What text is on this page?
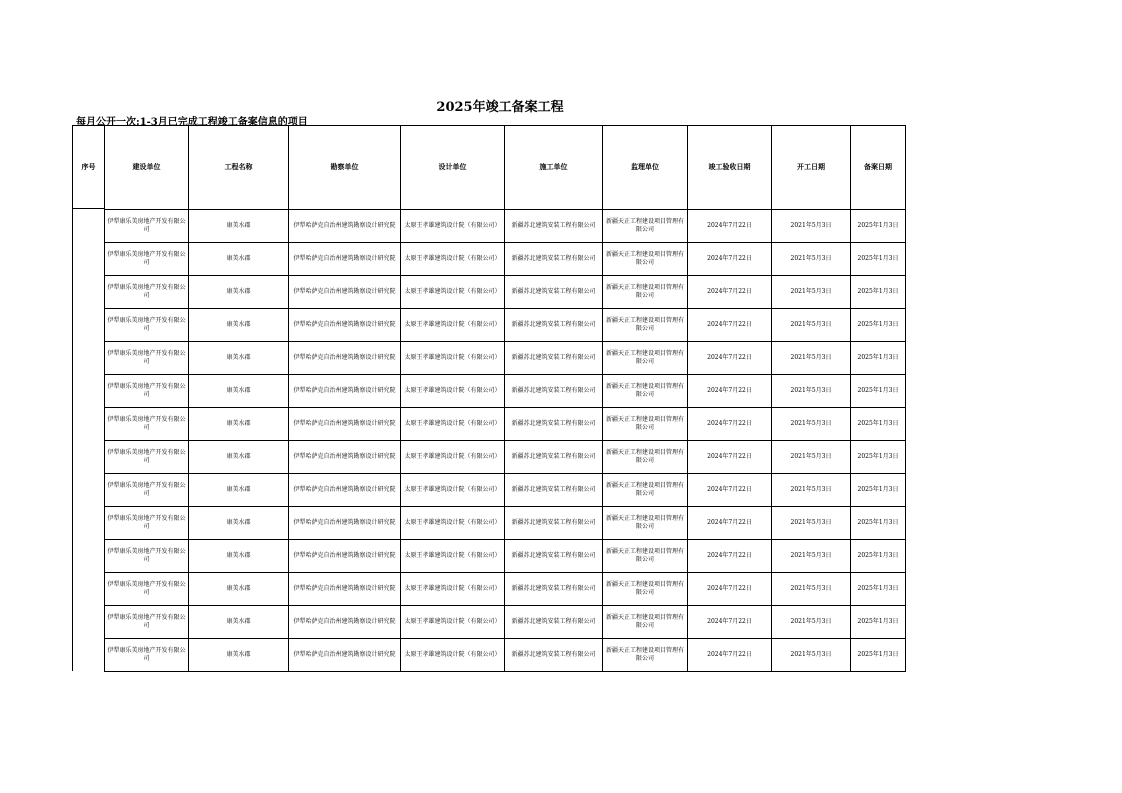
2025年竣工备案工程
每月公开一次:1-3月已完成工程竣工备案信息的项目
序号	建设单位	工程名称	勘察单位	设计单位	施工单位	监理单位	竣工验收日期	开工日期	备案日期

	伊犁康乐美房地产开发有限公司	康美水郡	伊犁哈萨克自治州建筑勘察设计研究院	太原王孝雄建筑设计院（有限公司）	新疆苏北建筑安装工程有限公司	新疆天正工程建设项目管理有限公司	2024年7月22日	2021年5月3日	2025年1月3日
	伊犁康乐美房地产开发有限公司	康美水郡	伊犁哈萨克自治州建筑勘察设计研究院	太原王孝雄建筑设计院（有限公司）	新疆苏北建筑安装工程有限公司	新疆天正工程建设项目管理有限公司	2024年7月22日	2021年5月3日	2025年1月3日
	伊犁康乐美房地产开发有限公司	康美水郡	伊犁哈萨克自治州建筑勘察设计研究院	太原王孝雄建筑设计院（有限公司）	新疆苏北建筑安装工程有限公司	新疆天正工程建设项目管理有限公司	2024年7月22日	2021年5月3日	2025年1月3日
	伊犁康乐美房地产开发有限公司	康美水郡	伊犁哈萨克自治州建筑勘察设计研究院	太原王孝雄建筑设计院（有限公司）	新疆苏北建筑安装工程有限公司	新疆天正工程建设项目管理有限公司	2024年7月22日	2021年5月3日	2025年1月3日
	伊犁康乐美房地产开发有限公司	康美水郡	伊犁哈萨克自治州建筑勘察设计研究院	太原王孝雄建筑设计院（有限公司）	新疆苏北建筑安装工程有限公司	新疆天正工程建设项目管理有限公司	2024年7月22日	2021年5月3日	2025年1月3日
	伊犁康乐美房地产开发有限公司	康美水郡	伊犁哈萨克自治州建筑勘察设计研究院	太原王孝雄建筑设计院（有限公司）	新疆苏北建筑安装工程有限公司	新疆天正工程建设项目管理有限公司	2024年7月22日	2021年5月3日	2025年1月3日
	伊犁康乐美房地产开发有限公司	康美水郡	伊犁哈萨克自治州建筑勘察设计研究院	太原王孝雄建筑设计院（有限公司）	新疆苏北建筑安装工程有限公司	新疆天正工程建设项目管理有限公司	2024年7月22日	2021年5月3日	2025年1月3日
	伊犁康乐美房地产开发有限公司	康美水郡	伊犁哈萨克自治州建筑勘察设计研究院	太原王孝雄建筑设计院（有限公司）	新疆苏北建筑安装工程有限公司	新疆天正工程建设项目管理有限公司	2024年7月22日	2021年5月3日	2025年1月3日
	伊犁康乐美房地产开发有限公司	康美水郡	伊犁哈萨克自治州建筑勘察设计研究院	太原王孝雄建筑设计院（有限公司）	新疆苏北建筑安装工程有限公司	新疆天正工程建设项目管理有限公司	2024年7月22日	2021年5月3日	2025年1月3日
	伊犁康乐美房地产开发有限公司	康美水郡	伊犁哈萨克自治州建筑勘察设计研究院	太原王孝雄建筑设计院（有限公司）	新疆苏北建筑安装工程有限公司	新疆天正工程建设项目管理有限公司	2024年7月22日	2021年5月3日	2025年1月3日
	伊犁康乐美房地产开发有限公司	康美水郡	伊犁哈萨克自治州建筑勘察设计研究院	太原王孝雄建筑设计院（有限公司）	新疆苏北建筑安装工程有限公司	新疆天正工程建设项目管理有限公司	2024年7月22日	2021年5月3日	2025年1月3日
	伊犁康乐美房地产开发有限公司	康美水郡	伊犁哈萨克自治州建筑勘察设计研究院	太原王孝雄建筑设计院（有限公司）	新疆苏北建筑安装工程有限公司	新疆天正工程建设项目管理有限公司	2024年7月22日	2021年5月3日	2025年1月3日
	伊犁康乐美房地产开发有限公司	康美水郡	伊犁哈萨克自治州建筑勘察设计研究院	太原王孝雄建筑设计院（有限公司）	新疆苏北建筑安装工程有限公司	新疆天正工程建设项目管理有限公司	2024年7月22日	2021年5月3日	2025年1月3日
	伊犁康乐美房地产开发有限公司	康美水郡	伊犁哈萨克自治州建筑勘察设计研究院	太原王孝雄建筑设计院（有限公司）	新疆苏北建筑安装工程有限公司	新疆天正工程建设项目管理有限公司	2024年7月22日	2021年5月3日	2025年1月3日
